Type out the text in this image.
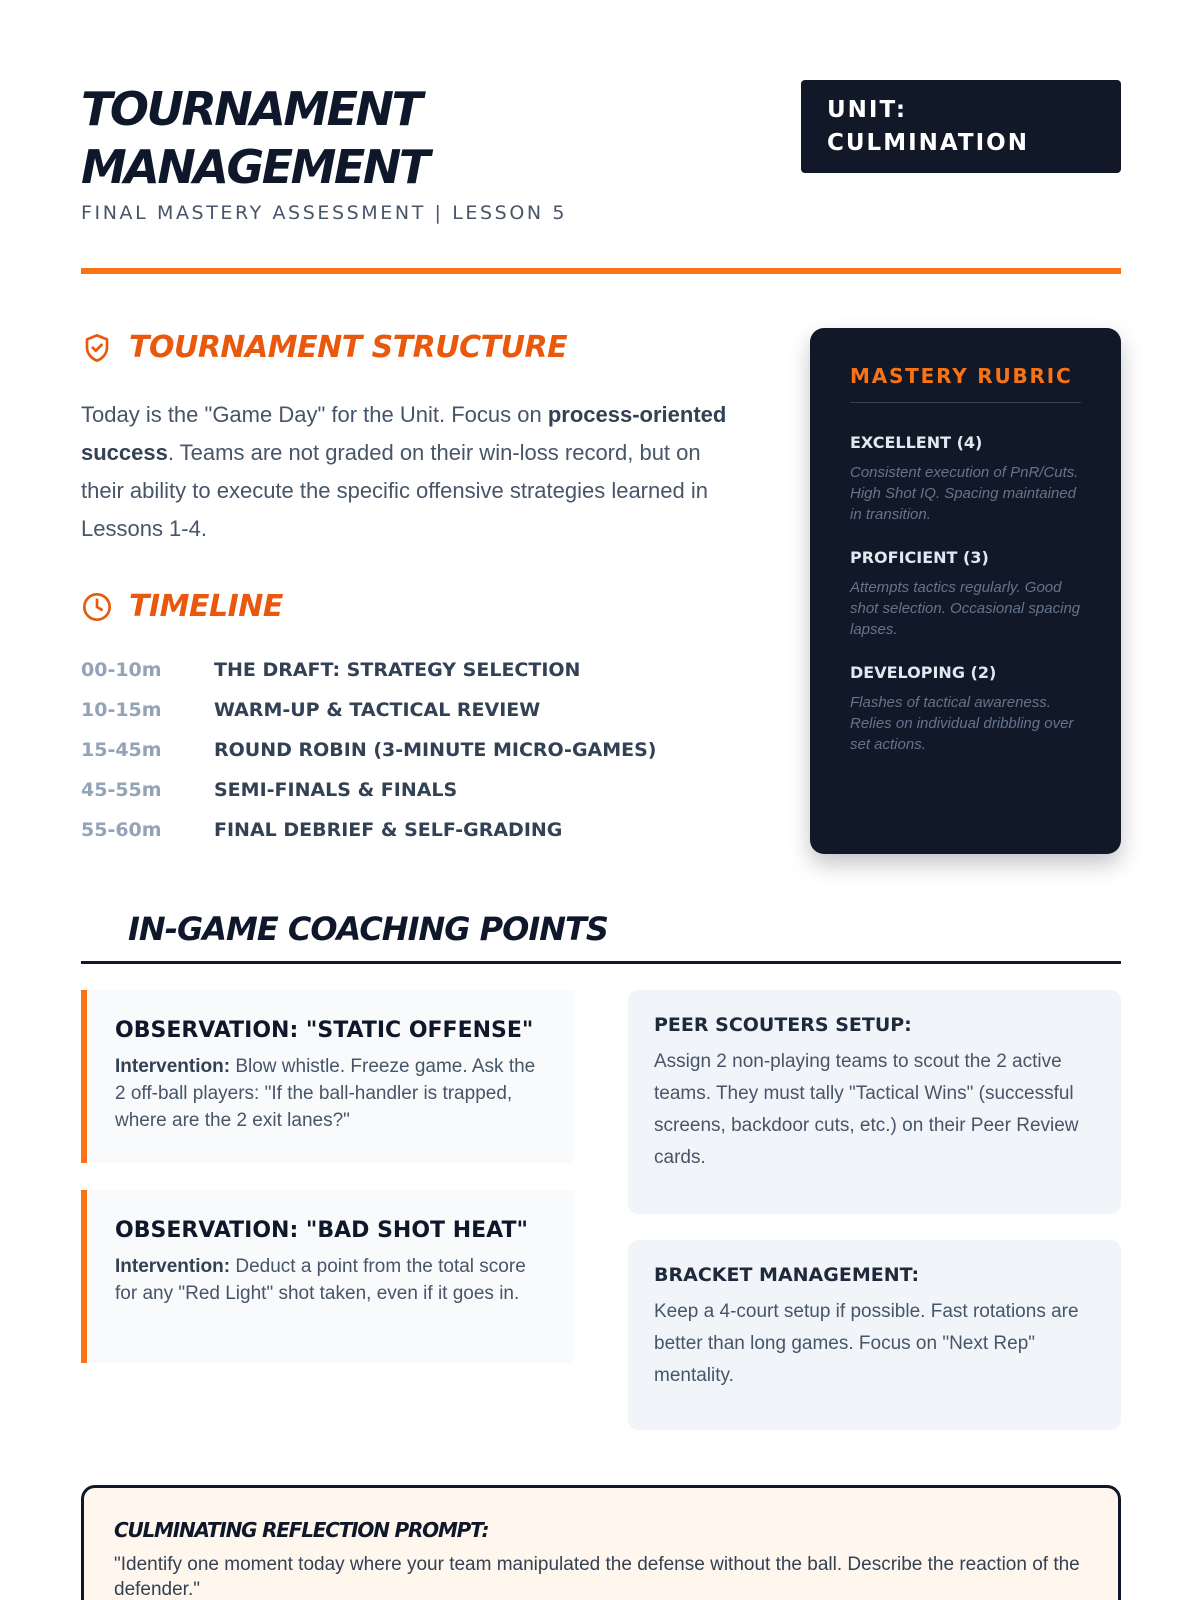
TOURNAMENT
MANAGEMENT
FINAL MASTERY ASSESSMENT | LESSON 5
UNIT:
CULMINATION
TOURNAMENT STRUCTURE

Today is the "Game Day" for the Unit. Focus on process-oriented success. Teams are not graded on their win-loss record, but on their ability to execute the specific offensive strategies learned in Lessons 1-4.

TIMELINE
00-10m	THE DRAFT: STRATEGY SELECTION
10-15m	WARM-UP & TACTICAL REVIEW
15-45m	ROUND ROBIN (3-MINUTE MICRO-GAMES)
45-55m	SEMI-FINALS & FINALS
55-60m	FINAL DEBRIEF & SELF-GRADING
MASTERY RUBRIC
EXCELLENT (4)
Consistent execution of PnR/Cuts. High Shot IQ. Spacing maintained in transition.
PROFICIENT (3)
Attempts tactics regularly. Good shot selection. Occasional spacing lapses.
DEVELOPING (2)
Flashes of tactical awareness. Relies on individual dribbling over set actions.
IN-GAME COACHING POINTS
OBSERVATION: "STATIC OFFENSE"

Intervention: Blow whistle. Freeze game. Ask the 2 off-ball players: "If the ball-handler is trapped, where are the 2 exit lanes?"

OBSERVATION: "BAD SHOT HEAT"

Intervention: Deduct a point from the total score for any "Red Light" shot taken, even if it goes in.

PEER SCOUTERS SETUP:

Assign 2 non-playing teams to scout the 2 active teams. They must tally "Tactical Wins" (successful screens, backdoor cuts, etc.) on their Peer Review cards.

BRACKET MANAGEMENT:

Keep a 4-court setup if possible. Fast rotations are better than long games. Focus on "Next Rep" mentality.

CULMINATING REFLECTION PROMPT:

"Identify one moment today where your team manipulated the defense without the ball. Describe the reaction of the defender."
